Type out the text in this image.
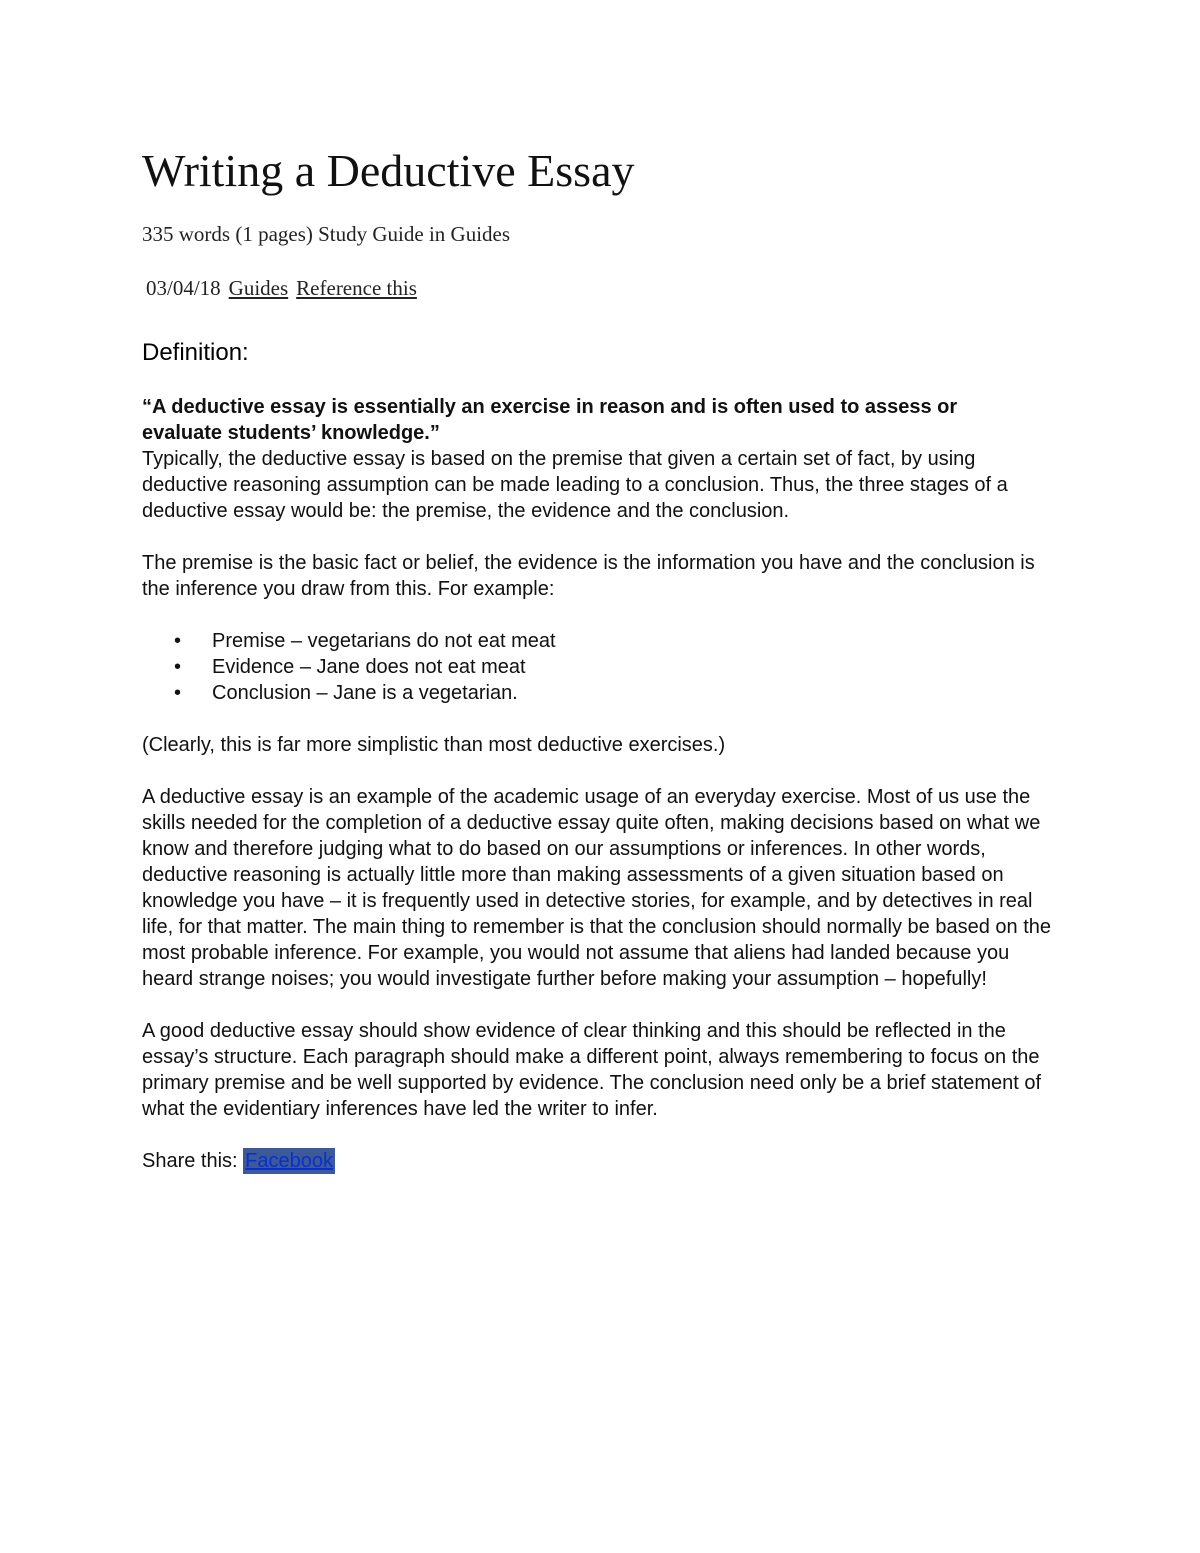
Writing a Deductive Essay

335 words (1 pages) Study Guide in Guides

03/04/18 Guides Reference this

Definition:

“A deductive essay is essentially an exercise in reason and is often used to assess or evaluate students’ knowledge.”

Typically, the deductive essay is based on the premise that given a certain set of fact, by using deductive reasoning assumption can be made leading to a conclusion. Thus, the three stages of a deductive essay would be: the premise, the evidence and the conclusion.

The premise is the basic fact or belief, the evidence is the information you have and the conclusion is the inference you draw from this. For example:

• Premise – vegetarians do not eat meat
• Evidence – Jane does not eat meat
• Conclusion – Jane is a vegetarian.

(Clearly, this is far more simplistic than most deductive exercises.)

A deductive essay is an example of the academic usage of an everyday exercise. Most of us use the skills needed for the completion of a deductive essay quite often, making decisions based on what we know and therefore judging what to do based on our assumptions or inferences. In other words, deductive reasoning is actually little more than making assessments of a given situation based on knowledge you have – it is frequently used in detective stories, for example, and by detectives in real life, for that matter. The main thing to remember is that the conclusion should normally be based on the most probable inference. For example, you would not assume that aliens had landed because you heard strange noises; you would investigate further before making your assumption – hopefully!

A good deductive essay should show evidence of clear thinking and this should be reflected in the essay’s structure. Each paragraph should make a different point, always remembering to focus on the primary premise and be well supported by evidence. The conclusion need only be a brief statement of what the evidentiary inferences have led the writer to infer.

Share this: Facebook
